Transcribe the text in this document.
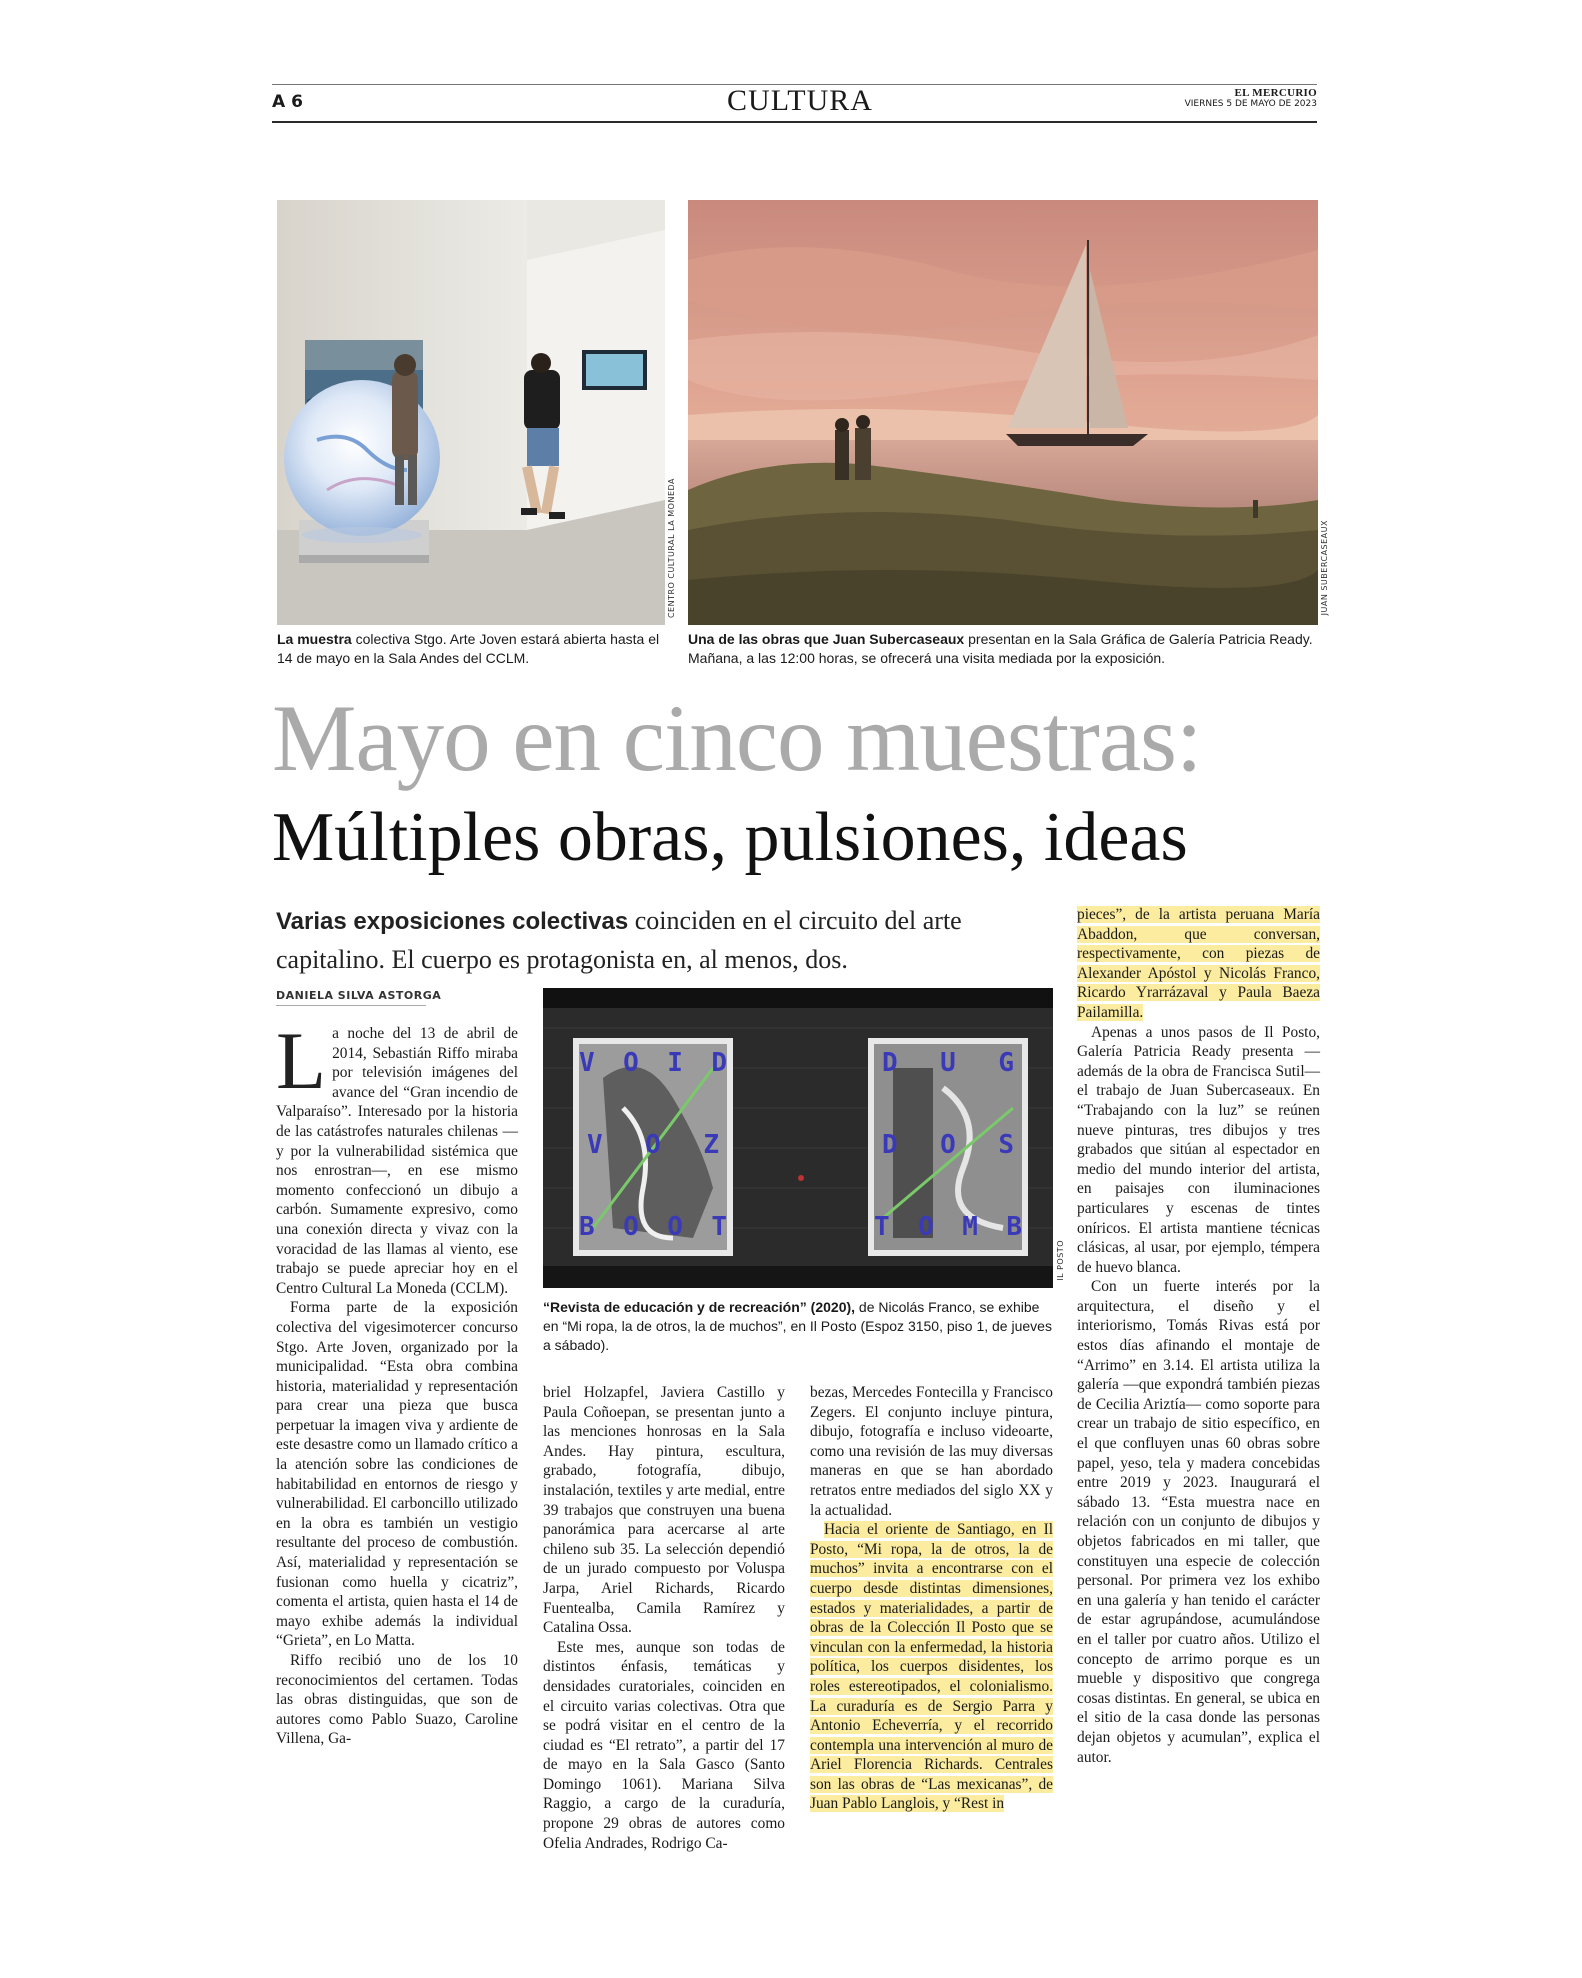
A 6	CULTURA	EL MERCURIO
VIERNES 5 DE MAYO DE 2023
CENTRO CULTURAL LA MONEDA
La muestra colectiva Stgo. Arte Joven estará abierta hasta el 14 de mayo en la Sala Andes del CCLM.
JUAN SUBERCASEAUX
Una de las obras que Juan Subercaseaux presentan en la Sala Gráfica de Galería Patricia Ready. Mañana, a las 12:00 horas, se ofrecerá una visita mediada por la exposición.
Mayo en cinco muestras:
Múltiples obras, pulsiones, ideas
Varias exposiciones colectivas coinciden en el circuito del arte capitalino. El cuerpo es protagonista en, al menos, dos.
DANIELA SILVA ASTORGA
V O I D
V O Z
B O O T
D U G
D O S
T O M B
IL POSTO
“Revista de educación y de recreación” (2020), de Nicolás Franco, se exhibe en “Mi ropa, la de otros, la de muchos”, en Il Posto (Espoz 3150, piso 1, de jueves a sábado).

La noche del 13 de abril de 2014, Sebastián Riffo miraba por televisión imágenes del avance del “Gran incendio de Valparaíso”. Interesado por la historia de las catástrofes naturales chilenas —y por la vulnerabilidad sistémica que nos enrostran—, en ese mismo momento confeccionó un dibujo a carbón. Sumamente expresivo, como una conexión directa y vivaz con la voracidad de las llamas al viento, ese trabajo se puede apreciar hoy en el Centro Cultural La Moneda (CCLM).

Forma parte de la exposición colectiva del vigesimotercer concurso Stgo. Arte Joven, organizado por la municipalidad. “Esta obra combina historia, materialidad y representación para crear una pieza que busca perpetuar la imagen viva y ardiente de este desastre como un llamado crítico a la atención sobre las condiciones de habitabilidad en entornos de riesgo y vulnerabilidad. El carboncillo utilizado en la obra es también un vestigio resultante del proceso de combustión. Así, materialidad y representación se fusionan como huella y cicatriz”, comenta el artista, quien hasta el 14 de mayo exhibe además la individual “Grieta”, en Lo Matta.

Riffo recibió uno de los 10 reconocimientos del certamen. Todas las obras distinguidas, que son de autores como Pablo Suazo, Caroline Villena, Ga-

briel Holzapfel, Javiera Castillo y Paula Coñoepan, se presentan junto a las menciones honrosas en la Sala Andes. Hay pintura, escultura, grabado, fotografía, dibujo, instalación, textiles y arte medial, entre 39 trabajos que construyen una buena panorámica para acercarse al arte chileno sub 35. La selección dependió de un jurado compuesto por Voluspa Jarpa, Ariel Richards, Ricardo Fuentealba, Camila Ramírez y Catalina Ossa.

Este mes, aunque son todas de distintos énfasis, temáticas y densidades curatoriales, coinciden en el circuito varias colectivas. Otra que se podrá visitar en el centro de la ciudad es “El retrato”, a partir del 17 de mayo en la Sala Gasco (Santo Domingo 1061). Mariana Silva Raggio, a cargo de la curaduría, propone 29 obras de autores como Ofelia Andrades, Rodrigo Ca-

bezas, Mercedes Fontecilla y Francisco Zegers. El conjunto incluye pintura, dibujo, fotografía e incluso videoarte, como una revisión de las muy diversas maneras en que se han abordado retratos entre mediados del siglo XX y la actualidad.

Hacia el oriente de Santiago, en Il Posto, “Mi ropa, la de otros, la de muchos” invita a encontrarse con el cuerpo desde distintas dimensiones, estados y materialidades, a partir de obras de la Colección Il Posto que se vinculan con la enfermedad, la historia política, los cuerpos disidentes, los roles estereotipados, el colonialismo. La curaduría es de Sergio Parra y Antonio Echeverría, y el recorrido contempla una intervención al muro de Ariel Florencia Richards. Centrales son las obras de “Las mexicanas”, de Juan Pablo Langlois, y “Rest in

pieces”, de la artista peruana María Abaddon, que conversan, respectivamente, con piezas de Alexander Apóstol y Nicolás Franco, Ricardo Yrarrázaval y Paula Baeza Pailamilla.

Apenas a unos pasos de Il Posto, Galería Patricia Ready presenta —además de la obra de Francisca Sutil— el trabajo de Juan Subercaseaux. En “Trabajando con la luz” se reúnen nueve pinturas, tres dibujos y tres grabados que sitúan al espectador en medio del mundo interior del artista, en paisajes con iluminaciones particulares y escenas de tintes oníricos. El artista mantiene técnicas clásicas, al usar, por ejemplo, témpera de huevo blanca.

Con un fuerte interés por la arquitectura, el diseño y el interiorismo, Tomás Rivas está por estos días afinando el montaje de “Arrimo” en 3.14. El artista utiliza la galería —que expondrá también piezas de Cecilia Ariztía— como soporte para crear un trabajo de sitio específico, en el que confluyen unas 60 obras sobre papel, yeso, tela y madera concebidas entre 2019 y 2023. Inaugurará el sábado 13. “Esta muestra nace en relación con un conjunto de dibujos y objetos fabricados en mi taller, que constituyen una especie de colección personal. Por primera vez los exhibo en una galería y han tenido el carácter de estar agrupándose, acumulándose en el taller por cuatro años. Utilizo el concepto de arrimo porque es un mueble y dispositivo que congrega cosas distintas. En general, se ubica en el sitio de la casa donde las personas dejan objetos y acumulan”, explica el autor.
